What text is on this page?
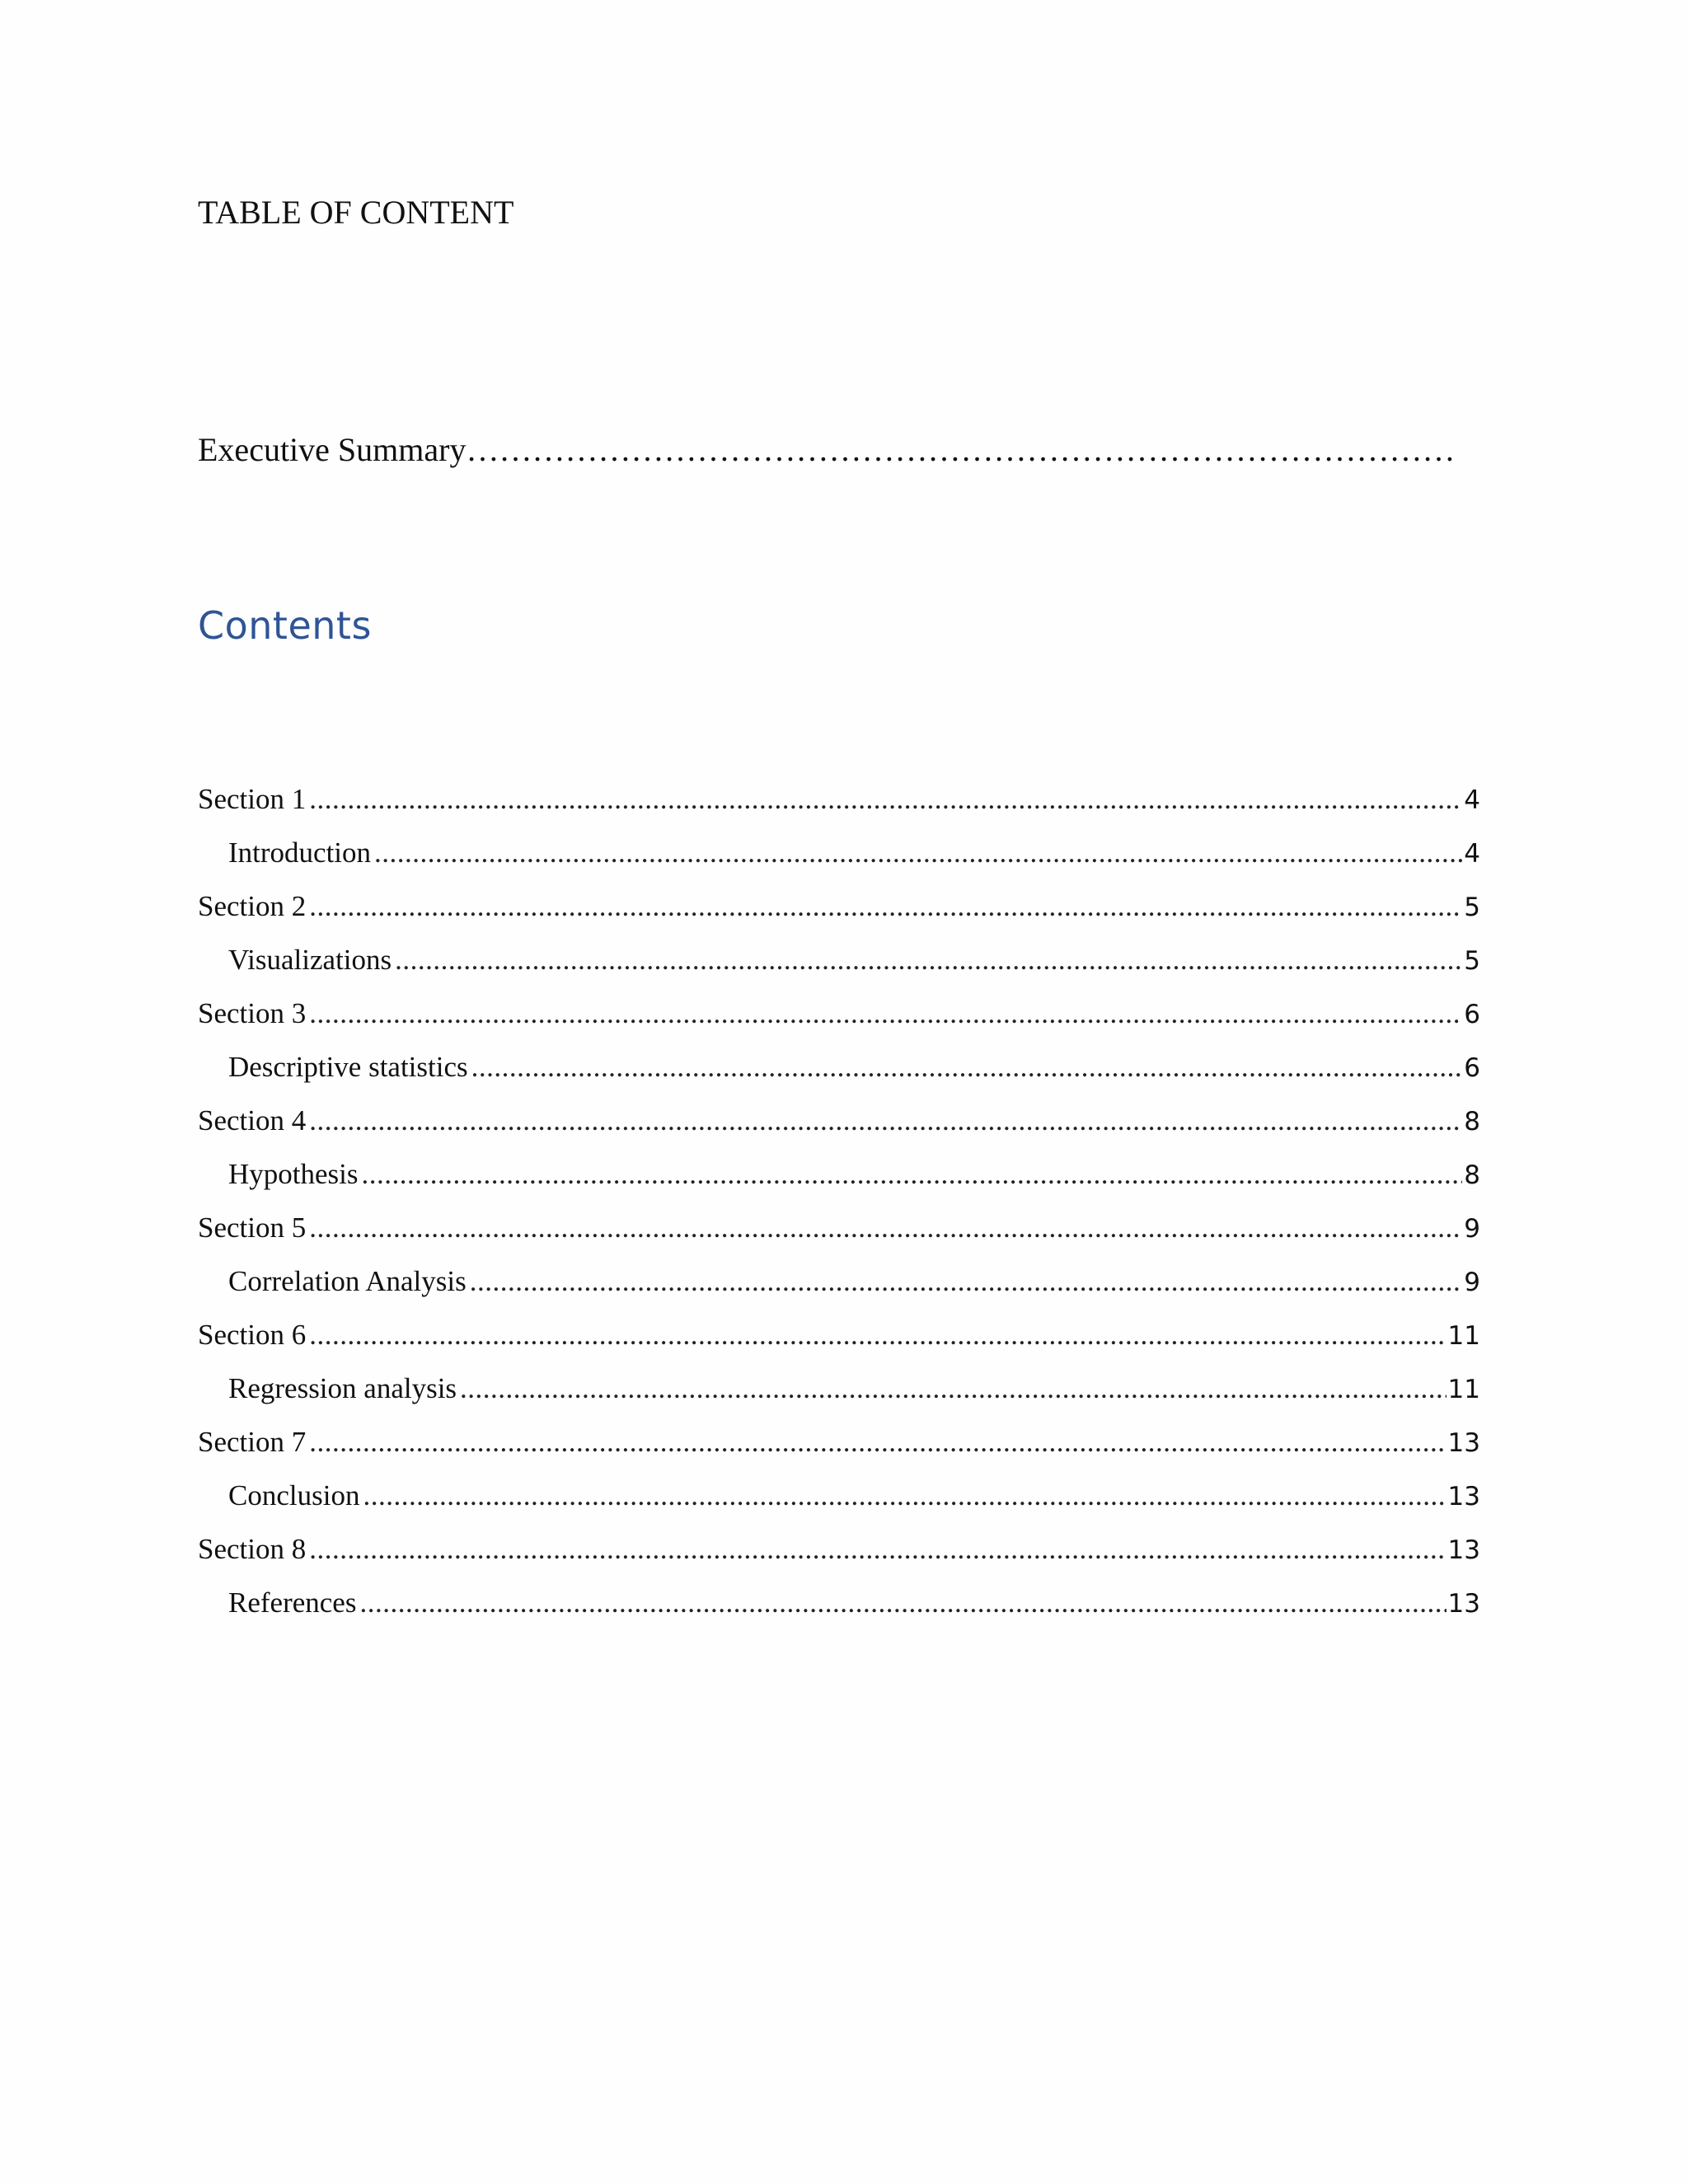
TABLE OF CONTENT
Executive Summary………………………………………………………………………………
Contents
Section 1 .....	4
Introduction .....	4
Section 2 .....	5
Visualizations .....	5
Section 3 .....	6
Descriptive statistics .....	6
Section 4 .....	8
Hypothesis .....	8
Section 5 .....	9
Correlation Analysis .....	9
Section 6 .....	11
Regression analysis .....	11
Section 7 .....	13
Conclusion .....	13
Section 8 .....	13
References .....	13
